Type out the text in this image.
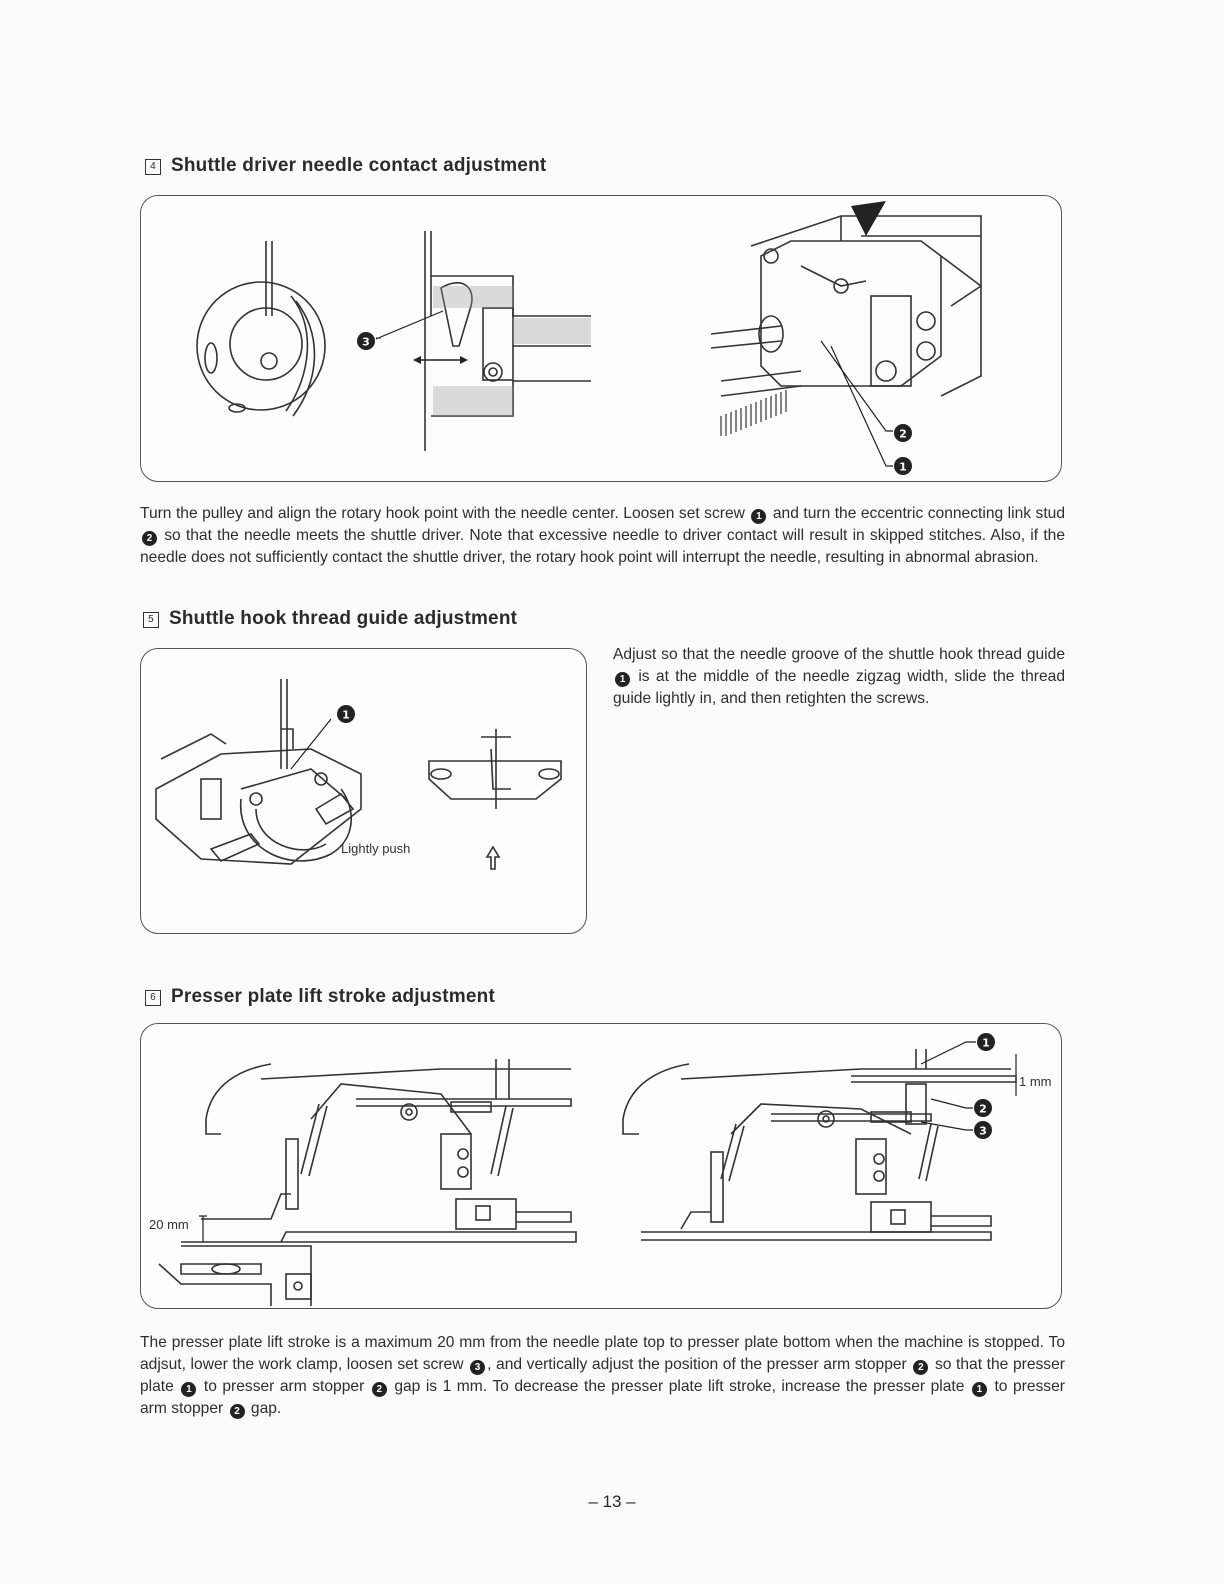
4 Shuttle driver needle contact adjustment
3
2
1

Turn the pulley and align the rotary hook point with the needle center. Loosen set screw 1 and turn the eccentric connecting link stud 2 so that the needle meets the shuttle driver. Note that excessive needle to driver contact will result in skipped stitches. Also, if the needle does not sufficiently contact the shuttle driver, the rotary hook point will interrupt the needle, resulting in abnormal abrasion.

5 Shuttle hook thread guide adjustment
1
Lightly push

Adjust so that the needle groove of the shuttle hook thread guide 1 is at the middle of the needle zigzag width, slide the thread guide lightly in, and then retighten the screws.

6 Presser plate lift stroke adjustment
20 mm
1 mm
1
2
3

The presser plate lift stroke is a maximum 20 mm from the needle plate top to presser plate bottom when the machine is stopped. To adjsut, lower the work clamp, loosen set screw 3 , and vertically adjust the position of the presser arm stopper 2 so that the presser plate 1 to presser arm stopper 2 gap is 1 mm. To decrease the presser plate lift stroke, increase the presser plate 1 to presser arm stopper 2 gap.

– 13 –
